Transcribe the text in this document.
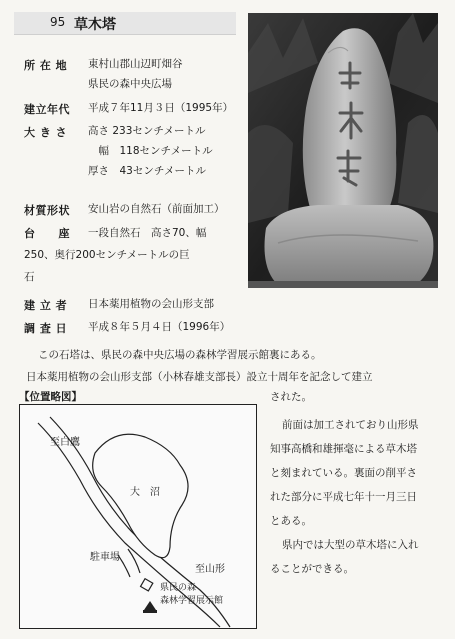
95 草木塔
所 在 地 東村山郡山辺町畑谷
県民の森中央広場
建立年代 平成７年11月３日（1995年）
大 き さ 高さ 233センチメートル
　幅　118センチメートル
厚さ　43センチメートル
材質形状 安山岩の自然石（前面加工）
台　　座 一段自然石　高さ70、幅
250、奥行200センチメートルの巨
石
建 立 者 日本薬用植物の会山形支部
調 査 日 平成８年５月４日（1996年）
この石塔は、県民の森中央広場の森林学習展示館裏にある。
日本薬用植物の会山形支部（小林春雄支部長）設立十周年を記念して建立
された。
【位置略図】
至白鷹
大　沼
駐車場
至山形
県民の森
森林学習展示館
前面は加工されており山形県
知事高橋和雄揮毫による草木塔
と刻まれている。裏面の削平さ
れた部分に平成七年十一月三日
とある。
県内では大型の草木塔に入れ
ることができる。
